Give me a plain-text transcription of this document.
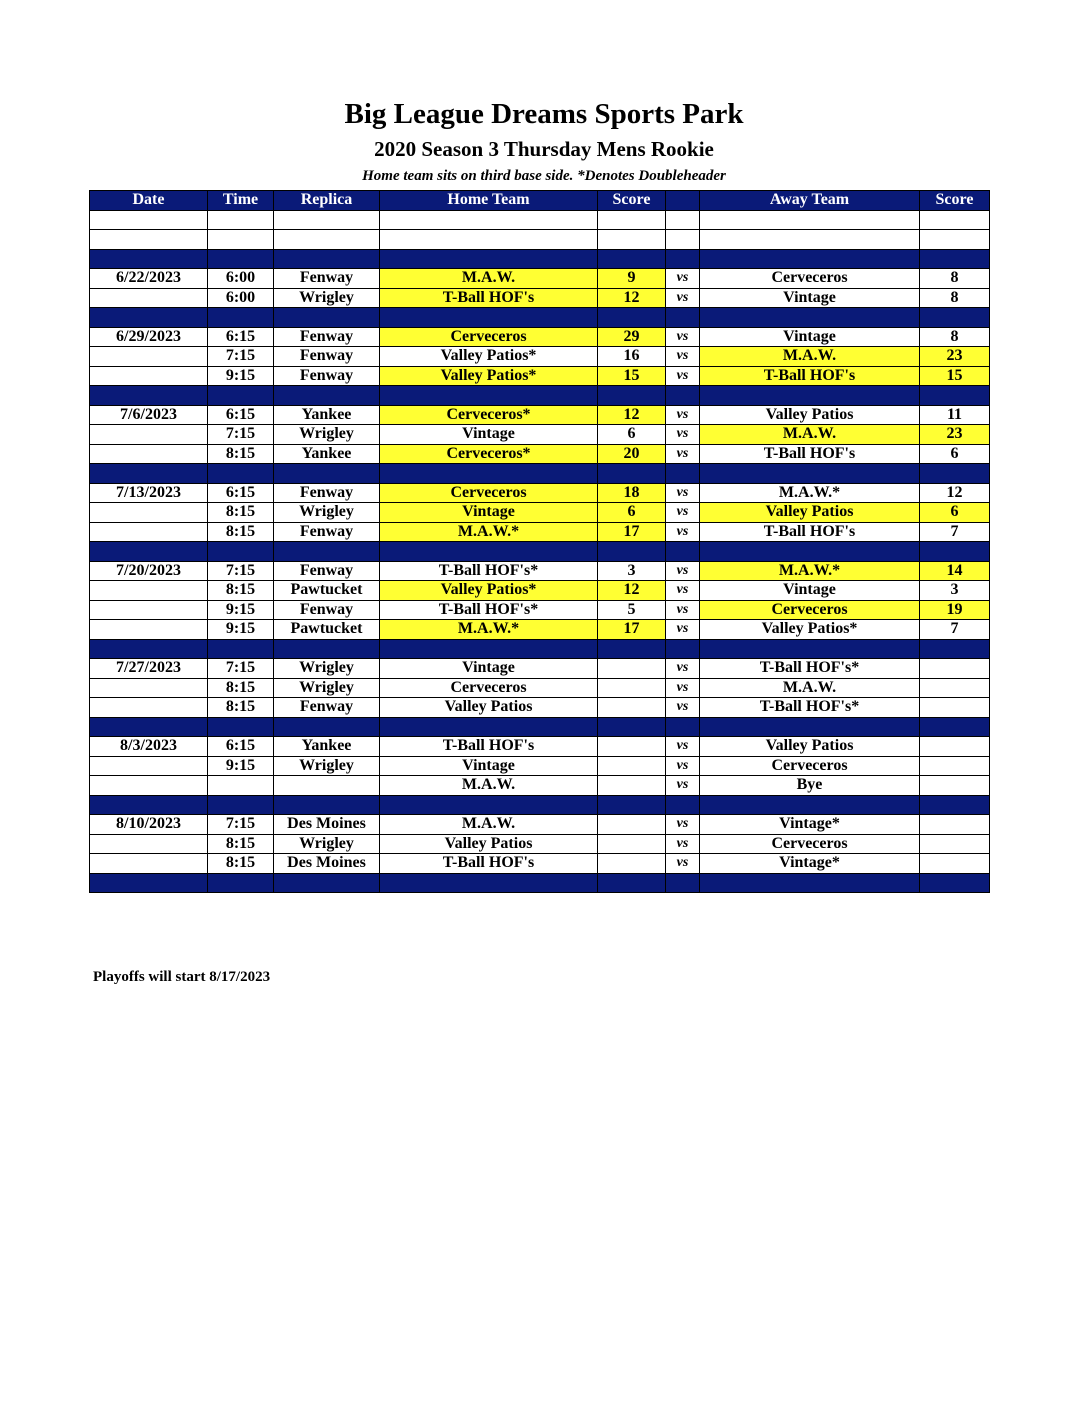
Big League Dreams Sports Park
2020 Season 3 Thursday Mens Rookie
Home team sits on third base side. *Denotes Doubleheader
Date	Time	Replica	Home Team	Score		Away Team	Score

6/22/2023	6:00	Fenway	M.A.W.	9	vs	Cerveceros	8
	6:00	Wrigley	T-Ball HOF's	12	vs	Vintage	8

6/29/2023	6:15	Fenway	Cerveceros	29	vs	Vintage	8
	7:15	Fenway	Valley Patios*	16	vs	M.A.W.	23
	9:15	Fenway	Valley Patios*	15	vs	T-Ball HOF's	15

7/6/2023	6:15	Yankee	Cerveceros*	12	vs	Valley Patios	11
	7:15	Wrigley	Vintage	6	vs	M.A.W.	23
	8:15	Yankee	Cerveceros*	20	vs	T-Ball HOF's	6

7/13/2023	6:15	Fenway	Cerveceros	18	vs	M.A.W.*	12
	8:15	Wrigley	Vintage	6	vs	Valley Patios	6
	8:15	Fenway	M.A.W.*	17	vs	T-Ball HOF's	7

7/20/2023	7:15	Fenway	T-Ball HOF's*	3	vs	M.A.W.*	14
	8:15	Pawtucket	Valley Patios*	12	vs	Vintage	3
	9:15	Fenway	T-Ball HOF's*	5	vs	Cerveceros	19
	9:15	Pawtucket	M.A.W.*	17	vs	Valley Patios*	7

7/27/2023	7:15	Wrigley	Vintage		vs	T-Ball HOF's*	
	8:15	Wrigley	Cerveceros		vs	M.A.W.	
	8:15	Fenway	Valley Patios		vs	T-Ball HOF's*	

8/3/2023	6:15	Yankee	T-Ball HOF's		vs	Valley Patios	
	9:15	Wrigley	Vintage		vs	Cerveceros	
			M.A.W.		vs	Bye	

8/10/2023	7:15	Des Moines	M.A.W.		vs	Vintage*	
	8:15	Wrigley	Valley Patios		vs	Cerveceros	
	8:15	Des Moines	T-Ball HOF's		vs	Vintage*	

Playoffs will start 8/17/2023
